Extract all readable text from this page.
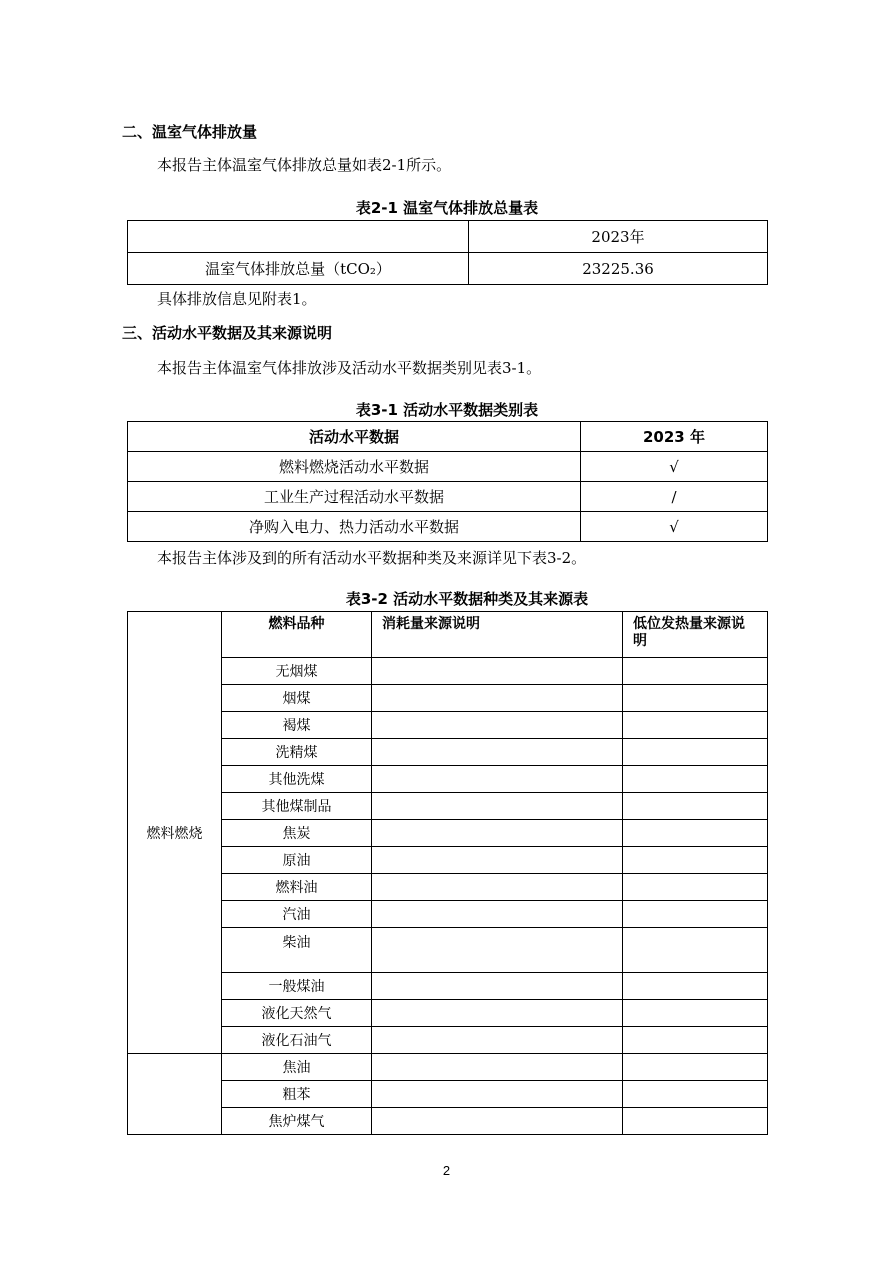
二、温室气体排放量
本报告主体温室气体排放总量如表2-1所示。
表2-1 温室气体排放总量表
	2023年
温室气体排放总量（tCO₂）	23225.36
具体排放信息见附表1。
三、活动水平数据及其来源说明
本报告主体温室气体排放涉及活动水平数据类别见表3-1。
表3-1 活动水平数据类别表
活动水平数据	2023 年
燃料燃烧活动水平数据	√
工业生产过程活动水平数据	/
净购入电力、热力活动水平数据	√
本报告主体涉及到的所有活动水平数据种类及来源详见下表3-2。
表3-2 活动水平数据种类及其来源表
燃料燃烧	燃料品种	消耗量来源说明	低位发热量来源说明
	无烟煤		
	烟煤		
	褐煤		
	洗精煤		
	其他洗煤		
	其他煤制品		
	焦炭		
	原油		
	燃料油		
	汽油		
	柴油		
	一般煤油		
	液化天然气		
	液化石油气		
	焦油		
	粗苯		
	焦炉煤气		
2
